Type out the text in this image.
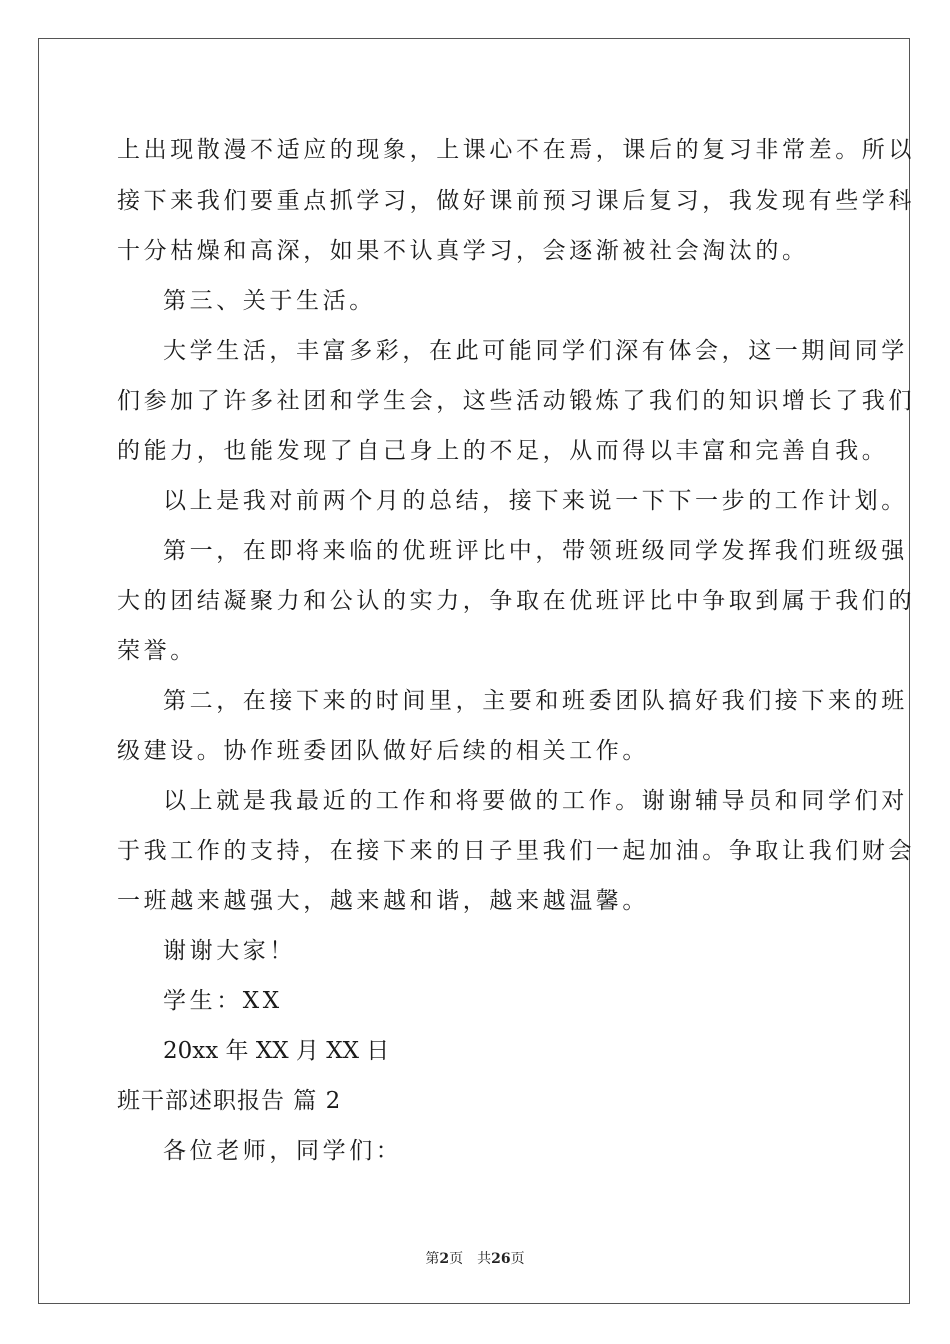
上出现散漫不适应的现象，上课心不在焉，课后的复习非常差。所以
接下来我们要重点抓学习，做好课前预习课后复习，我发现有些学科
十分枯燥和高深，如果不认真学习，会逐渐被社会淘汰的。
第三、关于生活。
大学生活，丰富多彩，在此可能同学们深有体会，这一期间同学
们参加了许多社团和学生会，这些活动锻炼了我们的知识增长了我们
的能力，也能发现了自己身上的不足，从而得以丰富和完善自我。
以上是我对前两个月的总结，接下来说一下下一步的工作计划。
第一，在即将来临的优班评比中，带领班级同学发挥我们班级强
大的团结凝聚力和公认的实力，争取在优班评比中争取到属于我们的
荣誉。
第二，在接下来的时间里，主要和班委团队搞好我们接下来的班
级建设。协作班委团队做好后续的相关工作。
以上就是我最近的工作和将要做的工作。谢谢辅导员和同学们对
于我工作的支持，在接下来的日子里我们一起加油。争取让我们财会
一班越来越强大，越来越和谐，越来越温馨。
谢谢大家！
学生：XX
20xx 年 XX 月 XX 日
班干部述职报告 篇 2
各位老师，同学们：
第2页　共26页
